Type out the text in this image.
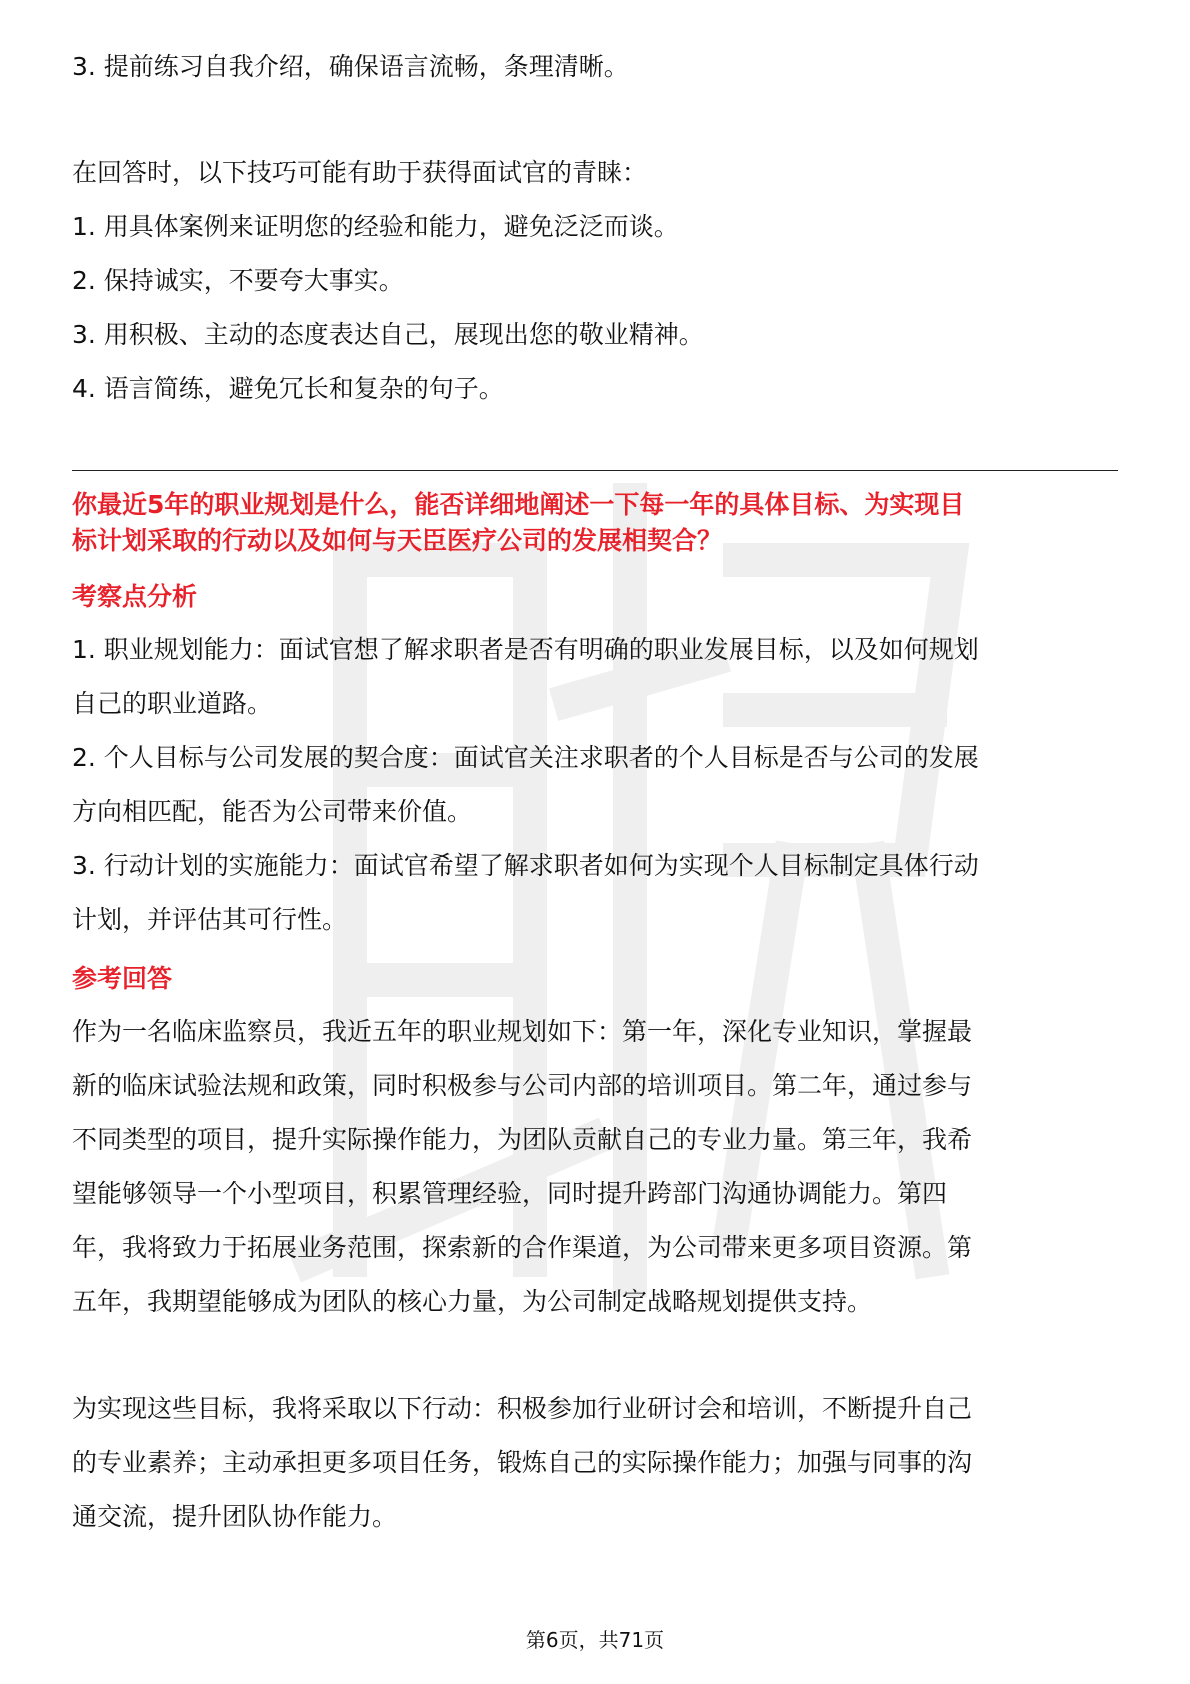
3. 提前练习自我介绍，确保语言流畅，条理清晰。
在回答时，以下技巧可能有助于获得面试官的青睐：
1. 用具体案例来证明您的经验和能力，避免泛泛而谈。
2. 保持诚实，不要夸大事实。
3. 用积极、主动的态度表达自己，展现出您的敬业精神。
4. 语言简练，避免冗长和复杂的句子。
你最近5年的职业规划是什么，能否详细地阐述一下每一年的具体目标、为实现目
标计划采取的行动以及如何与天臣医疗公司的发展相契合？
考察点分析
1. 职业规划能力：面试官想了解求职者是否有明确的职业发展目标，以及如何规划
自己的职业道路。
2. 个人目标与公司发展的契合度：面试官关注求职者的个人目标是否与公司的发展
方向相匹配，能否为公司带来价值。
3. 行动计划的实施能力：面试官希望了解求职者如何为实现个人目标制定具体行动
计划，并评估其可行性。
参考回答
作为一名临床监察员，我近五年的职业规划如下：第一年，深化专业知识，掌握最
新的临床试验法规和政策，同时积极参与公司内部的培训项目。第二年，通过参与
不同类型的项目，提升实际操作能力，为团队贡献自己的专业力量。第三年，我希
望能够领导一个小型项目，积累管理经验，同时提升跨部门沟通协调能力。第四
年，我将致力于拓展业务范围，探索新的合作渠道，为公司带来更多项目资源。第
五年，我期望能够成为团队的核心力量，为公司制定战略规划提供支持。
为实现这些目标，我将采取以下行动：积极参加行业研讨会和培训，不断提升自己
的专业素养；主动承担更多项目任务，锻炼自己的实际操作能力；加强与同事的沟
通交流，提升团队协作能力。
第6页，共71页
